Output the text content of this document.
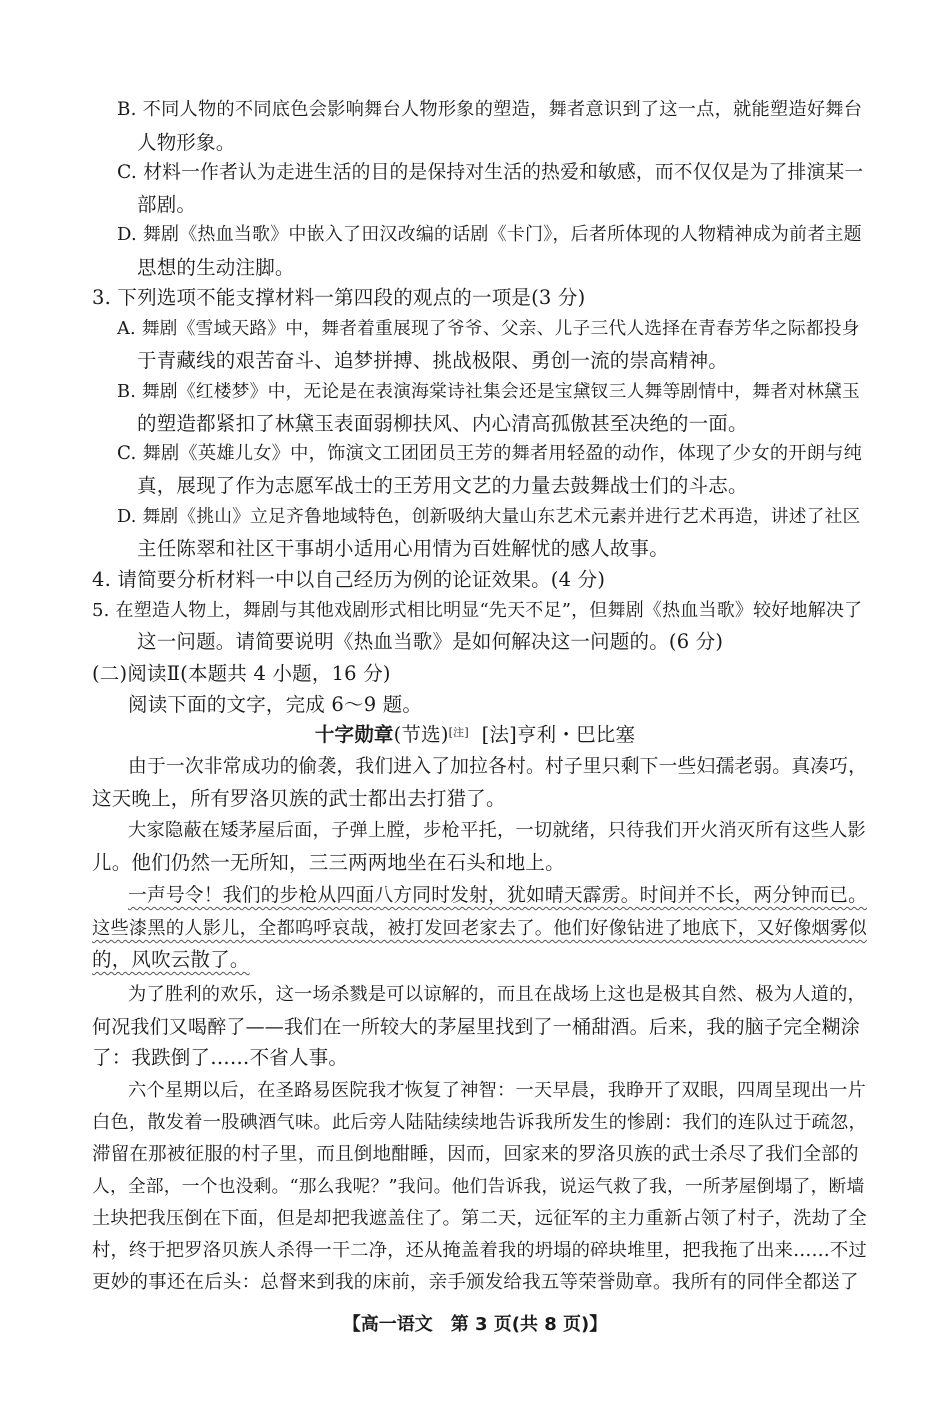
B. 不同人物的不同底色会影响舞台人物形象的塑造，舞者意识到了这一点，就能塑造好舞台
人物形象。
C. 材料一作者认为走进生活的目的是保持对生活的热爱和敏感，而不仅仅是为了排演某一
部剧。
D. 舞剧《热血当歌》中嵌入了田汉改编的话剧《卡门》，后者所体现的人物精神成为前者主题
思想的生动注脚。
3. 下列选项不能支撑材料一第四段的观点的一项是(3 分)
A. 舞剧《雪域天路》中，舞者着重展现了爷爷、父亲、儿子三代人选择在青春芳华之际都投身
于青藏线的艰苦奋斗、追梦拼搏、挑战极限、勇创一流的崇高精神。
B. 舞剧《红楼梦》中，无论是在表演海棠诗社集会还是宝黛钗三人舞等剧情中，舞者对林黛玉
的塑造都紧扣了林黛玉表面弱柳扶风、内心清高孤傲甚至决绝的一面。
C. 舞剧《英雄儿女》中，饰演文工团团员王芳的舞者用轻盈的动作，体现了少女的开朗与纯
真，展现了作为志愿军战士的王芳用文艺的力量去鼓舞战士们的斗志。
D. 舞剧《挑山》立足齐鲁地域特色，创新吸纳大量山东艺术元素并进行艺术再造，讲述了社区
主任陈翠和社区干事胡小适用心用情为百姓解忧的感人故事。
4. 请简要分析材料一中以自己经历为例的论证效果。(4 分)
5. 在塑造人物上，舞剧与其他戏剧形式相比明显“先天不足”，但舞剧《热血当歌》较好地解决了
这一问题。请简要说明《热血当歌》是如何解决这一问题的。(6 分)
(二)阅读Ⅱ(本题共 4 小题，16 分)
阅读下面的文字，完成 6～9 题。
十字勋章(节选)[注] [法]亨利・巴比塞
由于一次非常成功的偷袭，我们进入了加拉各村。村子里只剩下一些妇孺老弱。真凑巧，
这天晚上，所有罗洛贝族的武士都出去打猎了。
大家隐蔽在矮茅屋后面，子弹上膛，步枪平托，一切就绪，只待我们开火消灭所有这些人影
儿。他们仍然一无所知，三三两两地坐在石头和地上。
一声号令！我们的步枪从四面八方同时发射，犹如晴天霹雳。时间并不长，两分钟而已。
这些漆黑的人影儿，全都呜呼哀哉，被打发回老家去了。他们好像钻进了地底下，又好像烟雾似
的，风吹云散了。
为了胜利的欢乐，这一场杀戮是可以谅解的，而且在战场上这也是极其自然、极为人道的，
何况我们又喝醉了——我们在一所较大的茅屋里找到了一桶甜酒。后来，我的脑子完全糊涂
了：我跌倒了……不省人事。
六个星期以后，在圣路易医院我才恢复了神智：一天早晨，我睁开了双眼，四周呈现出一片
白色，散发着一股碘酒气味。此后旁人陆陆续续地告诉我所发生的惨剧：我们的连队过于疏忽，
滞留在那被征服的村子里，而且倒地酣睡，因而，回家来的罗洛贝族的武士杀尽了我们全部的
人，全部，一个也没剩。“那么我呢？”我问。他们告诉我，说运气救了我，一所茅屋倒塌了，断墙
土块把我压倒在下面，但是却把我遮盖住了。第二天，远征军的主力重新占领了村子，洗劫了全
村，终于把罗洛贝族人杀得一干二净，还从掩盖着我的坍塌的碎块堆里，把我拖了出来……不过
更妙的事还在后头：总督来到我的床前，亲手颁发给我五等荣誉勋章。我所有的同伴全都送了
【高一语文　第 3 页(共 8 页)】
